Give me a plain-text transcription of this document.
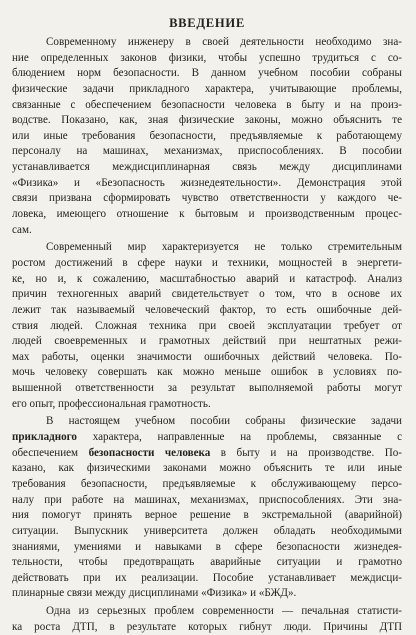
ВВЕДЕНИЕ
Современному инженеру в своей деятельности необходимо зна-
ние определенных законов физики, чтобы успешно трудиться с со-
блюдением норм безопасности. В данном учебном пособии собраны
физические задачи прикладного характера, учитывающие проблемы,
связанные с обеспечением безопасности человека в быту и на произ-
водстве. Показано, как, зная физические законы, можно объяснить те
или иные требования безопасности, предъявляемые к работающему
персоналу на машинах, механизмах, приспособлениях. В пособии
устанавливается междисциплинарная связь между дисциплинами
«Физика» и «Безопасность жизнедеятельности». Демонстрация этой
связи призвана сформировать чувство ответственности у каждого че-
ловека, имеющего отношение к бытовым и производственным процес-
сам.
Современный мир характеризуется не только стремительным
ростом достижений в сфере науки и техники, мощностей в энергети-
ке, но и, к сожалению, масштабностью аварий и катастроф. Анализ
причин техногенных аварий свидетельствует о том, что в основе их
лежит так называемый человеческий фактор, то есть ошибочные дей-
ствия людей. Сложная техника при своей эксплуатации требует от
людей своевременных и грамотных действий при нештатных режи-
мах работы, оценки значимости ошибочных действий человека. По-
мочь человеку совершать как можно меньше ошибок в условиях по-
вышенной ответственности за результат выполняемой работы могут
его опыт, профессиональная грамотность.
В настоящем учебном пособии собраны физические задачи
прикладного характера, направленные на проблемы, связанные с
обеспечением безопасности человека в быту и на производстве. По-
казано, как физическими законами можно объяснить те или иные
требования безопасности, предъявляемые к обслуживающему персо-
налу при работе на машинах, механизмах, приспособлениях. Эти зна-
ния помогут принять верное решение в экстремальной (аварийной)
ситуации. Выпускник университета должен обладать необходимыми
знаниями, умениями и навыками в сфере безопасности жизнедея-
тельности, чтобы предотвращать аварийные ситуации и грамотно
действовать при их реализации. Пособие устанавливает междисци-
плинарные связи между дисциплинами «Физика» и «БЖД».
Одна из серьезных проблем современности — печальная статисти-
ка роста ДТП, в результате которых гибнут люди. Причины ДТП
